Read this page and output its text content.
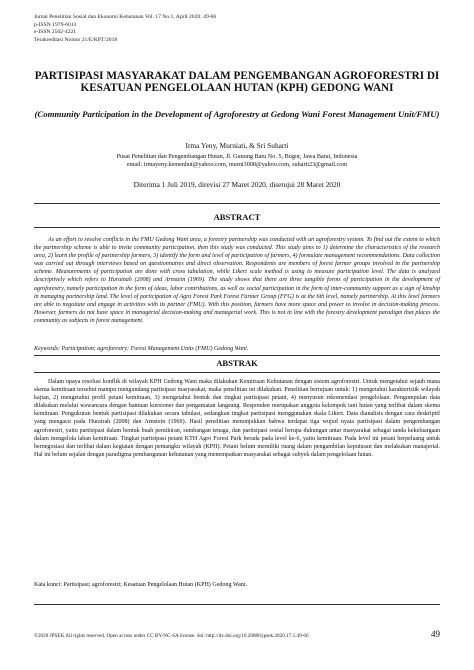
Jurnal Penelitian Sosial dan Ekonomi Kehutanan Vol. 17 No.1, April 2020: 49-66
p-ISSN 1979-6013
e-ISSN 2502-4221
Terakreditasi Nomor 21/E/KPT/2018
PARTISIPASI MASYARAKAT DALAM PENGEMBANGAN AGROFORESTRI DI KESATUAN PENGELOLAAN HUTAN (KPH) GEDONG WANI
(Community Participation in the Development of Agroforestry at Gedong Wani Forest Management Unit/FMU)
Irma Yeny, Murniati, & Sri Suharti
Pusat Penelitian dan Pengembangan Hutan, Jl. Gunung Batu No. 5, Bogor, Jawa Barat, Indonesia
email: irmayeny.kemenhut@yahoo.com, murni3008@yahoo.com, suharti23@gmail.com
Diterima 1 Juli 2019, direvisi 27 Maret 2020, disetujui 28 Maret 2020
ABSTRACT
As an effort to resolve conflicts in the FMU Gedong Wani area, a forestry partnership was conducted with an agroforestry system. To find out the extent to which the partnership scheme is able to invite community participation, then this study was conducted. This study aims to 1) determine the characteristics of the research area, 2) learn the profile of partnership farmers, 3) identify the form and level of participation of farmers, 4) formulate management recommendations. Data collection was carried out through interviews based on questionnaires and direct observation. Respondents are members of forest farmer groups involved in the partnership scheme. Measurements of participation are done with cross tabulation, while Likert scale method is using to measure participation level. The data is analyzed descriptively which refers to Hurainah (2008) and Arnstein (1969). The study shows that there are three tangible forms of participation in the development of agroforestry, namely participation in the form of ideas, labor contributions, as well as social participation in the form of inter-community support as a sign of kinship in managing partnership land. The level of participation of Agro Forest Park Forest Farmer Group (FFG) is at the 6th level, namely partnership. At this level farmers are able to negotiate and engage in activities with its partner (FMU). With this position, farmers have more space and power to involve in decision-making process. However, farmers do not have space in managerial decision-making and managerial work. This is not in line with the forestry development paradigm that places the community as subjects in forest management.
Keywords: Participation; agroforestry; Forest Management Units (FMU) Gedong Wani.
ABSTRAK
Dalam upaya resolusi konflik di wilayah KPH Gedong Wani maka dilakukan Kemitraan Kehutanan dengan sistem agroforestri. Untuk mengetahui sejauh mana skema kemitraan tersebut mampu mengundang partisipasi masyarakat, maka penelitian ini dilakukan. Penelitian bertujuan untuk: 1) mengetahui karakteristik wilayah kajian, 2) mengetahui profil petani kemitraan, 3) mengetahui bentuk dan tingkat partisipasi petani, 4) menyusun rekomendasi pengelolaan. Pengumpulan data dilakukan melalui wawancara dengan bantuan kuesioner dan pengamatan langsung. Responden merupakan anggota kelompok tani hutan yang terlibat dalam skema kemitraan. Pengukuran bentuk partisipasi dilakukan secara tabulasi, sedangkan tingkat partisipasi menggunakan skala Likert. Data dianalisis dengan cara deskriptif yang mengacu pada Hurairah (2008) dan Arnstein (1969). Hasil penelitian menunjukkan bahwa terdapat tiga wujud nyata partisipasi dalam pengembangan agroforestri, yaitu partisipasi dalam bentuk buah pemikiran, sumbangan tenaga, dan partisipasi sosial berupa dukungan antar masyarakat sebagai tanda kekeluargaan dalam mengelola lahan kemitraan. Tingkat partisipasi petani KTH Agro Forest Park berada pada level ke-6, yaitu kemitraan. Pada level ini petani berpeluang untuk bernegosiasi dan terlibat dalam kegiatan dengan pemangku wilayah (KPH). Petani belum memiliki ruang dalam pengambilan keputusan dan melakukan manajerial. Hal ini belum sejalan dengan paradigma pembangunan kehutanan yang menempatkan masyarakat sebagai subyek dalam pengelolaan hutan.
Kata kunci: Partisipasi; agroforestri; Kesatuan Pengelolaan Hutan (KPH) Gedong Wani.
©2020 JPSEK All rights reserved. Open access under CC BY-NC-SA license. doi: http://dx.doi.org/10.20886/jpsek.2020.17.1.49-66	49
